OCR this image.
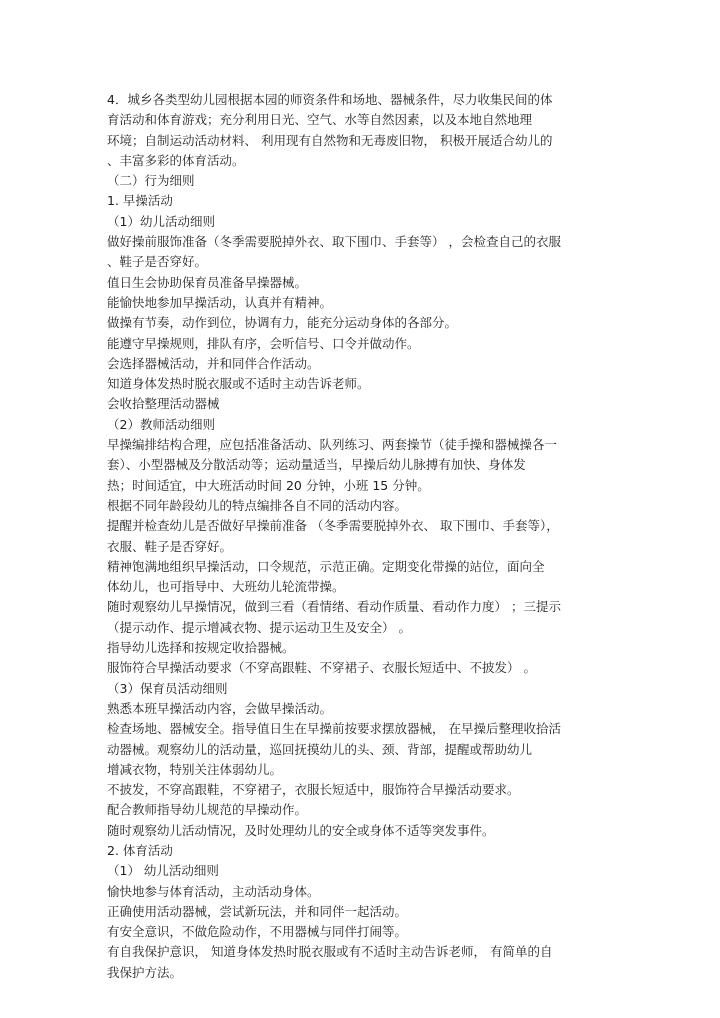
4．城乡各类型幼儿园根据本园的师资条件和场地、器械条件，尽力收集民间的体
育活动和体育游戏；充分利用日光、空气、水等自然因素，以及本地自然地理
环境；自制运动活动材料、 利用现有自然物和无毒废旧物， 积极开展适合幼儿的
、丰富多彩的体育活动。
（二）行为细则
1. 早操活动
（1）幼儿活动细则
做好操前服饰准备（冬季需要脱掉外衣、取下围巾、手套等） ，会检查自己的衣服
、鞋子是否穿好。
值日生会协助保育员准备早操器械。
能愉快地参加早操活动，认真并有精神。
做操有节奏，动作到位，协调有力，能充分运动身体的各部分。
能遵守早操规则，排队有序，会听信号、口令并做动作。
会选择器械活动，并和同伴合作活动。
知道身体发热时脱衣服或不适时主动告诉老师。
会收拾整理活动器械
（2）教师活动细则
早操编排结构合理，应包括准备活动、队列练习、两套操节（徒手操和器械操各一
套）、小型器械及分散活动等；运动量适当，早操后幼儿脉搏有加快、身体发
热；时间适宜，中大班活动时间 20 分钟，小班 15 分钟。
根据不同年龄段幼儿的特点编排各自不同的活动内容。
提醒并检查幼儿是否做好早操前准备 （冬季需要脱掉外衣、 取下围巾、手套等），
衣服、鞋子是否穿好。
精神饱满地组织早操活动，口令规范，示范正确。定期变化带操的站位，面向全
体幼儿，也可指导中、大班幼儿轮流带操。
随时观察幼儿早操情况，做到三看（看情绪、看动作质量、看动作力度） ；三提示
（提示动作、提示增减衣物、提示运动卫生及安全） 。
指导幼儿选择和按规定收拾器械。
服饰符合早操活动要求（不穿高跟鞋、不穿裙子、衣服长短适中、不披发） 。
（3）保育员活动细则
熟悉本班早操活动内容，会做早操活动。
检查场地、器械安全。指导值日生在早操前按要求摆放器械， 在早操后整理收拾活
动器械。观察幼儿的活动量，巡回抚摸幼儿的头、颈、背部，提醒或帮助幼儿
增减衣物，特别关注体弱幼儿。
不披发，不穿高跟鞋，不穿裙子，衣服长短适中，服饰符合早操活动要求。
配合教师指导幼儿规范的早操动作。
随时观察幼儿活动情况，及时处理幼儿的安全或身体不适等突发事件。
2. 体育活动
（1） 幼儿活动细则
愉快地参与体育活动，主动活动身体。
正确使用活动器械，尝试新玩法，并和同伴一起活动。
有安全意识，不做危险动作，不用器械与同伴打闹等。
有自我保护意识， 知道身体发热时脱衣服或有不适时主动告诉老师， 有简单的自
我保护方法。
